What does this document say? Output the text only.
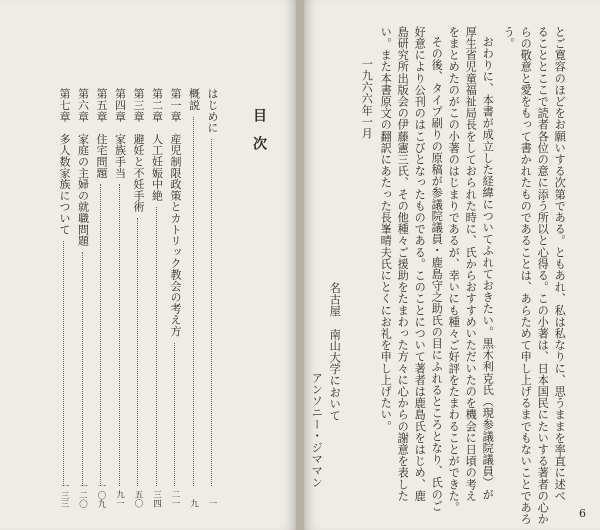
目次
はじめに
一
概説
九
第一章　産児制限政策とカトリック教会の考え方
二一
第二章　人工妊娠中絶
三四
第三章　避妊と不妊手術
五〇
第四章　家族手当
九一
第五章　住宅問題
一〇九
第六章　家庭の主婦の就職問題
一二〇
第七章　多人数家族について
一三三	とご寛容のほどをお願いする次第である。ともあれ、私は私なりに、思うままを率直に述べ
ることとここで読者各位の意に添う所以と心得る。この小著は、日本国民にたいする著者の心か
らの敬意と愛をもって書かれたものであることは、あらためて申し上げるまでもないことであろ
う。
おわりに、本書が成立した経緯についてふれておきたい。黒木利克氏（現参議院議員）が
厚生省児童福祉局長をしておられた時に、氏からおすすめいただいたのを機会に日頃の考え
をまとめたのがこの小著のはじまりであるが、幸いにも種々ご好評をたまわることができた。
その後、タイプ刷りの原稿が参議院議員・鹿島守之助氏の目にふれるところとなり、氏のご
好意により公刊のはこびとなったものである。このことについて著者は鹿島氏をはじめ、鹿
島研究所出版会の伊藤憲三氏、その他種々ご援助をたまわった方々に心からの謝意を表した
い。また本書原文の翻訳にあたった長峯晴夫氏にとくにお礼を申し上げたい。
一九六六年一月
名古屋　南山大学において
アンソニー・ジママン
6
